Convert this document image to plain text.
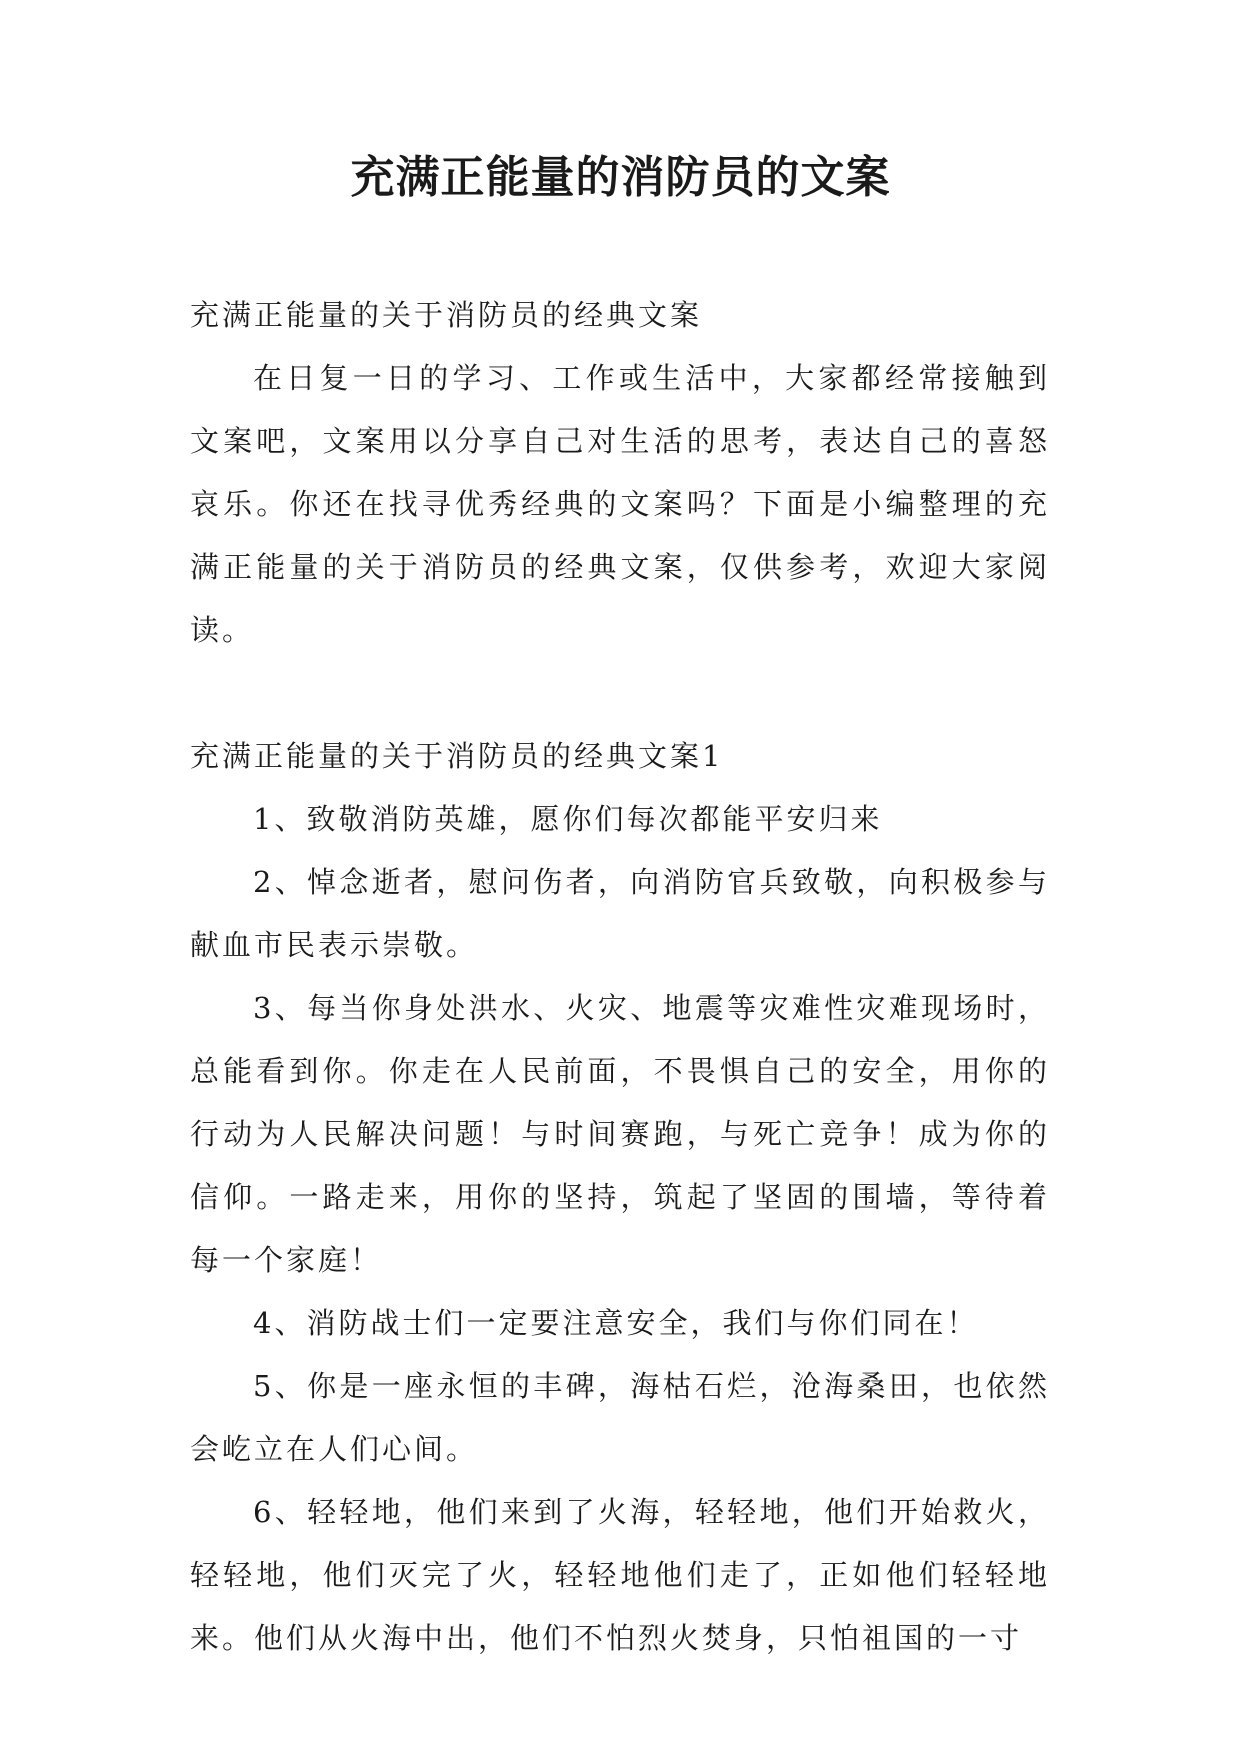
充满正能量的消防员的文案

充满正能量的关于消防员的经典文案

在日复一日的学习、工作或生活中，大家都经常接触到文案吧，文案用以分享自己对生活的思考，表达自己的喜怒哀乐。你还在找寻优秀经典的文案吗？下面是小编整理的充满正能量的关于消防员的经典文案，仅供参考，欢迎大家阅读。

充满正能量的关于消防员的经典文案1

1、致敬消防英雄，愿你们每次都能平安归来

2、悼念逝者，慰问伤者，向消防官兵致敬，向积极参与献血市民表示崇敬。

3、每当你身处洪水、火灾、地震等灾难性灾难现场时，总能看到你。你走在人民前面，不畏惧自己的安全，用你的行动为人民解决问题！与时间赛跑，与死亡竞争！成为你的信仰。一路走来，用你的坚持，筑起了坚固的围墙，等待着每一个家庭！

4、消防战士们一定要注意安全，我们与你们同在！

5、你是一座永恒的丰碑，海枯石烂，沧海桑田，也依然会屹立在人们心间。

6、轻轻地，他们来到了火海，轻轻地，他们开始救火，轻轻地，他们灭完了火，轻轻地他们走了，正如他们轻轻地来。他们从火海中出，他们不怕烈火焚身，只怕祖国的一寸
